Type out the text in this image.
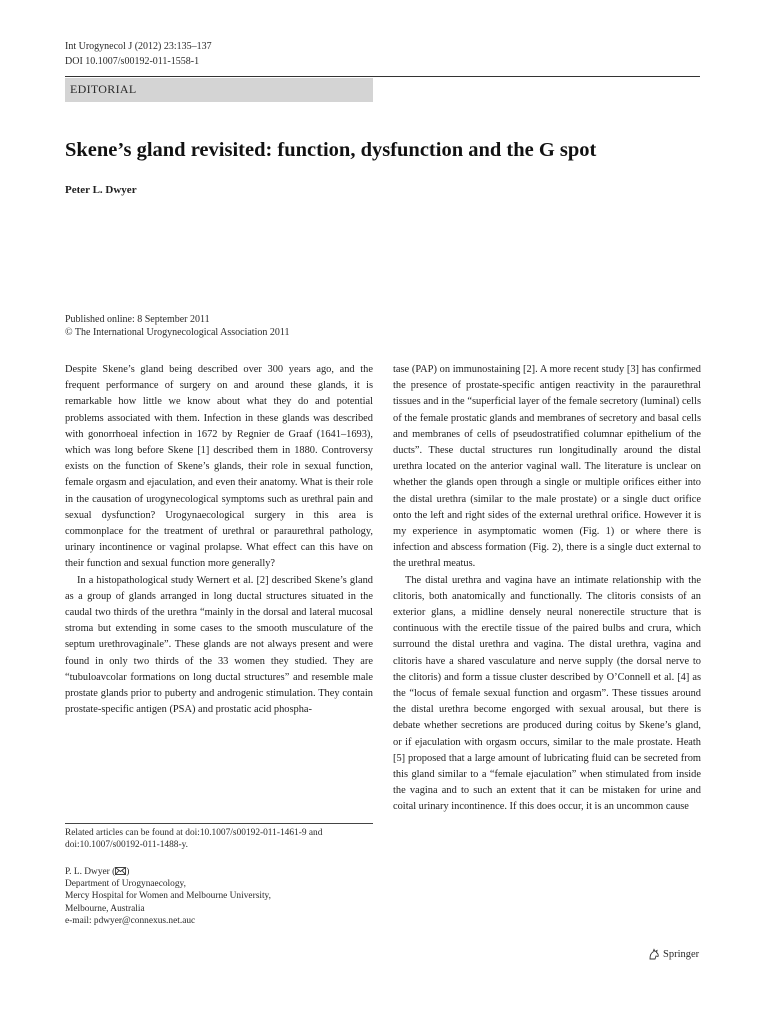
Int Urogynecol J (2012) 23:135–137
DOI 10.1007/s00192-011-1558-1
EDITORIAL
Skene’s gland revisited: function, dysfunction and the G spot
Peter L. Dwyer
Published online: 8 September 2011
© The International Urogynecological Association 2011

Despite Skene’s gland being described over 300 years ago, and the frequent performance of surgery on and around these glands, it is remarkable how little we know about what they do and potential problems associated with them. Infection in these glands was described with gonorrhoeal infection in 1672 by Regnier de Graaf (1641–1693), which was long before Skene [1] described them in 1880. Controversy exists on the function of Skene’s glands, their role in sexual function, female orgasm and ejaculation, and even their anatomy. What is their role in the causation of urogynecological symptoms such as urethral pain and sexual dysfunction? Urogynaecological surgery in this area is commonplace for the treatment of urethral or paraurethral pathology, urinary incontinence or vaginal prolapse. What effect can this have on their function and sexual function more generally?

In a histopathological study Wernert et al. [2] described Skene’s gland as a group of glands arranged in long ductal structures situated in the caudal two thirds of the urethra “mainly in the dorsal and lateral mucosal stroma but extending in some cases to the smooth musculature of the septum urethrovaginale”. These glands are not always present and were found in only two thirds of the 33 women they studied. They are “tubuloavcolar formations on long ductal structures” and resemble male prostate glands prior to puberty and androgenic stimulation. They contain prostate-specific antigen (PSA) and prostatic acid phospha-

tase (PAP) on immunostaining [2]. A more recent study [3] has confirmed the presence of prostate-specific antigen reactivity in the paraurethral tissues and in the “superficial layer of the female secretory (luminal) cells of the female prostatic glands and membranes of secretory and basal cells and membranes of cells of pseudostratified columnar epithelium of the ducts”. These ductal structures run longitudinally around the distal urethra located on the anterior vaginal wall. The literature is unclear on whether the glands open through a single or multiple orifices either into the distal urethra (similar to the male prostate) or a single duct orifice onto the left and right sides of the external urethral orifice. However it is my experience in asymptomatic women (Fig. 1) or where there is infection and abscess formation (Fig. 2), there is a single duct external to the urethral meatus.

The distal urethra and vagina have an intimate relationship with the clitoris, both anatomically and functionally. The clitoris consists of an exterior glans, a midline densely neural nonerectile structure that is continuous with the erectile tissue of the paired bulbs and crura, which surround the distal urethra and vagina. The distal urethra, vagina and clitoris have a shared vasculature and nerve supply (the dorsal nerve to the clitoris) and form a tissue cluster described by O’Connell et al. [4] as the “locus of female sexual function and orgasm”. These tissues around the distal urethra become engorged with sexual arousal, but there is debate whether secretions are produced during coitus by Skene’s gland, or if ejaculation with orgasm occurs, similar to the male prostate. Heath [5] proposed that a large amount of lubricating fluid can be secreted from this gland similar to a “female ejaculation” when stimulated from inside the vagina and to such an extent that it can be mistaken for urine and coital urinary incontinence. If this does occur, it is an uncommon cause

Related articles can be found at doi:10.1007/s00192-011-1461-9 and doi:10.1007/s00192-011-1488-y.
P. L. Dwyer ( )
Department of Urogynaecology,
Mercy Hospital for Women and Melbourne University,
Melbourne, Australia
e-mail: pdwyer@connexus.net.auc
Springer
